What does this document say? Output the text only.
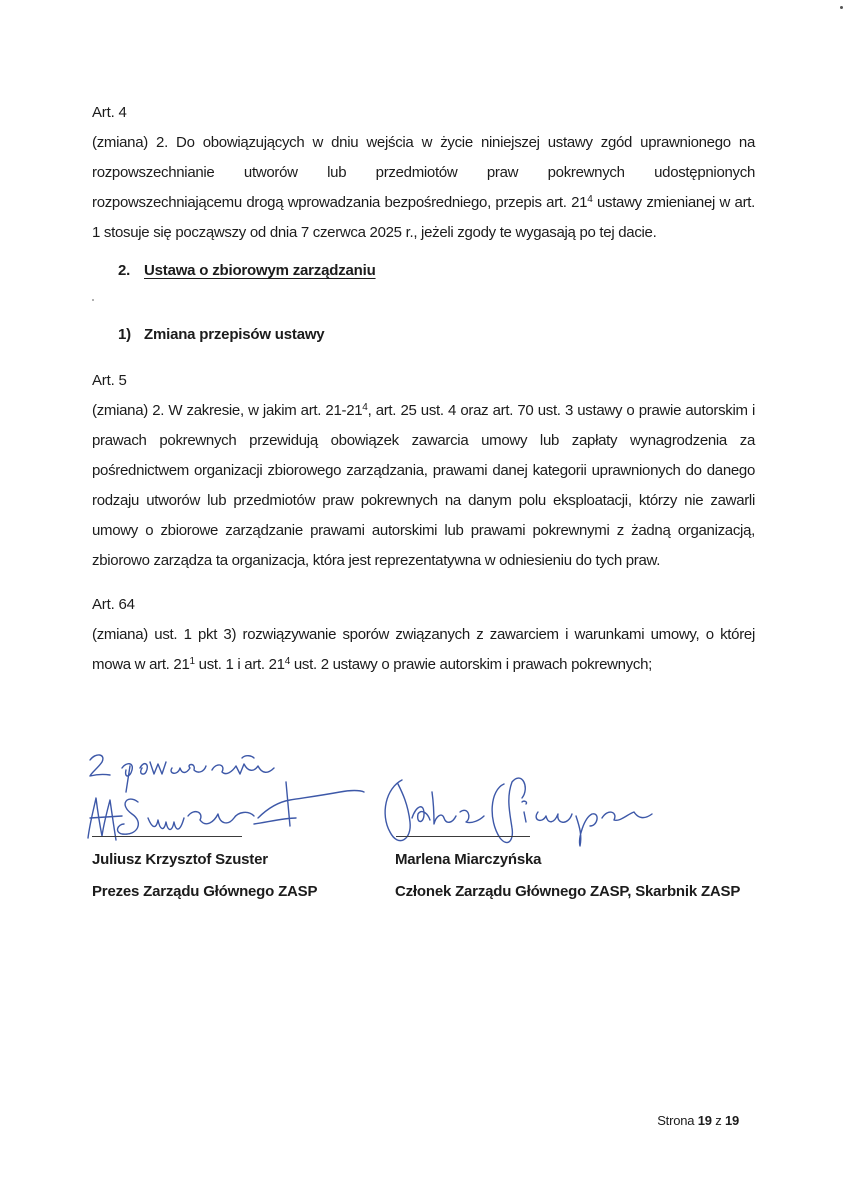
Art. 4

(zmiana) 2. Do obowiązujących w dniu wejścia w życie niniejszej ustawy zgód uprawnionego na rozpowszechnianie utworów lub przedmiotów praw pokrewnych udostępnionych rozpowszechniającemu drogą wprowadzania bezpośredniego, przepis art. $21^4$ ustawy zmienianej w art. 1 stosuje się począwszy od dnia 7 czerwca 2025 r., jeżeli zgody te wygasają po tej dacie.

2. Ustawa o zbiorowym zarządzaniu
1) Zmiana przepisów ustawy
Art. 5

(zmiana) 2. W zakresie, w jakim art. $21-21^4$, art. 25 ust. 4 oraz art. 70 ust. 3 ustawy o prawie autorskim i prawach pokrewnych przewidują obowiązek zawarcia umowy lub zapłaty wynagrodzenia za pośrednictwem organizacji zbiorowego zarządzania, prawami danej kategorii uprawnionych do danego rodzaju utworów lub przedmiotów praw pokrewnych na danym polu eksploatacji, którzy nie zawarli umowy o zbiorowe zarządzanie prawami autorskimi lub prawami pokrewnymi z żadną organizacją, zbiorowo zarządza ta organizacja, która jest reprezentatywna w odniesieniu do tych praw.

Art. 64

(zmiana) ust. 1 pkt 3) rozwiązywanie sporów związanych z zawarciem i warunkami umowy, o której mowa w art. $21^1$ ust. 1 i art. $21^4$ ust. 2 ustawy o prawie autorskim i prawach pokrewnych;

Juliusz Krzysztof Szuster
Prezes Zarządu Głównego ZASP
Marlena Miarczyńska
Członek Zarządu Głównego ZASP, Skarbnik ZASP
Strona 19 z 19
